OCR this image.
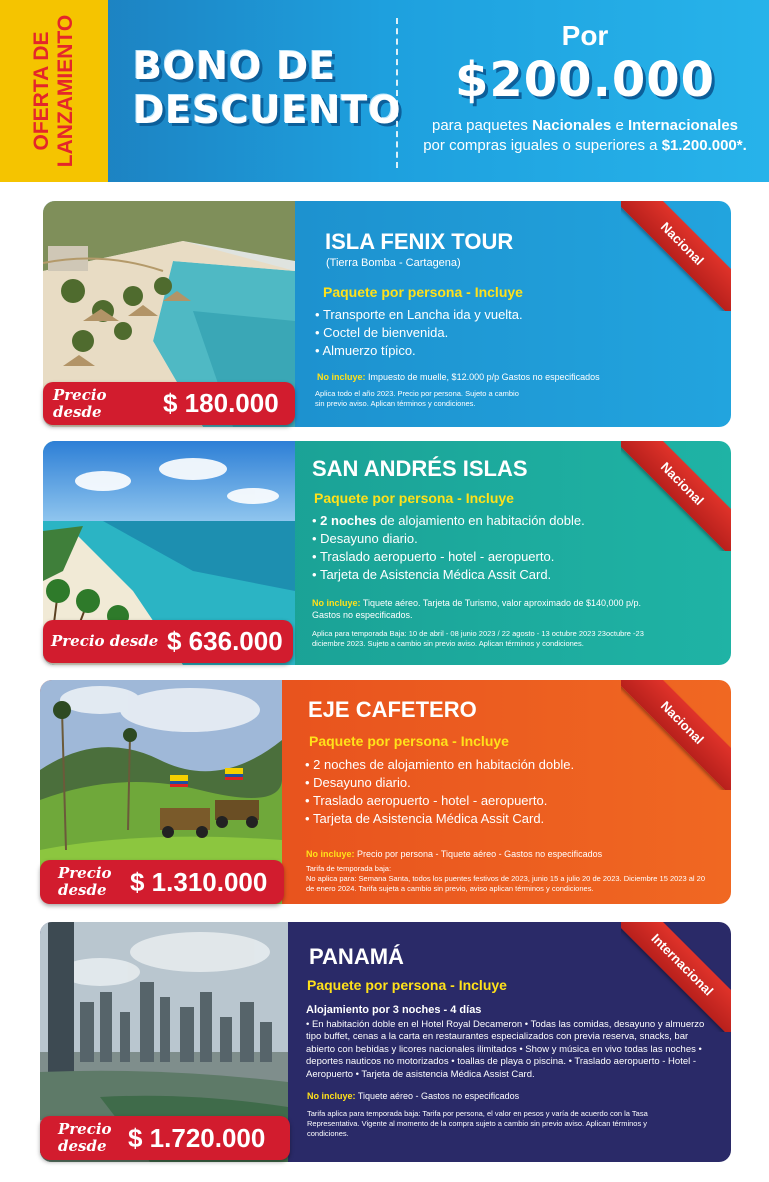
OFERTA DE LANZAMIENTO BONO DE
DESCUENTO
Por
$200.000
para paquetes Nacionales e Internacionales
por compras iguales o superiores a $1.200.000*.
Nacional
ISLA FENIX TOUR
(Tierra Bomba - Cartagena)
Paquete por persona - Incluye
• Transporte en Lancha ida y vuelta.
• Coctel de bienvenida.
• Almuerzo típico.
No incluye: Impuesto de muelle, $12.000 p/p Gastos no especificados
Aplica todo el año 2023. Precio por persona. Sujeto a cambio sin previo aviso. Aplican términos y condiciones.
Precio desde	$ 180.000
Nacional
SAN ANDRÉS ISLAS
Paquete por persona - Incluye
• 2 noches de alojamiento en habitación doble.
• Desayuno diario.
• Traslado aeropuerto - hotel - aeropuerto.
• Tarjeta de Asistencia Médica Assit Card.
No incluye: Tiquete aéreo. Tarjeta de Turismo, valor aproximado de $140,000 p/p. Gastos no especificados.
Aplica para temporada Baja: 10 de abril - 08 junio 2023 / 22 agosto - 13 octubre 2023 23octubre -23 diciembre 2023. Sujeto a cambio sin previo aviso. Aplican términos y condiciones.
Precio desde $ 636.000
Nacional
EJE CAFETERO
Paquete por persona - Incluye
• 2 noches de alojamiento en habitación doble.
• Desayuno diario.
• Traslado aeropuerto - hotel - aeropuerto.
• Tarjeta de Asistencia Médica Assit Card.
No incluye: Precio por persona - Tiquete aéreo - Gastos no especificados
Tarifa de temporada baja:
No aplica para: Semana Santa, todos los puentes festivos de 2023, junio 15 a julio 20 de 2023. Diciembre 15 2023 al 20 de enero 2024. Tarifa sujeta a cambio sin previo, aviso aplican términos y condiciones.
Precio
desde $ 1.310.000
Internacional
PANAMÁ
Paquete por persona - Incluye
Alojamiento por 3 noches - 4 días
• En habitación doble en el Hotel Royal Decameron • Todas las comidas, desayuno y almuerzo tipo buffet, cenas a la carta en restaurantes especializados con previa reserva, snacks, bar abierto con bebidas y licores nacionales ilimitados • Show y música en vivo todas las noches • deportes nauticos no motorizados • toallas de playa o piscina. • Traslado aeropuerto - Hotel - Aeropuerto • Tarjeta de asistencia Médica Assist Card.
No incluye: Tiquete aéreo - Gastos no especificados
Tarifa aplica para temporada baja: Tarifa por persona, el valor en pesos y varía de acuerdo con la Tasa Representativa. Vigente al momento de la compra sujeto a cambio sin previo aviso. Aplican términos y condiciones.
Precio
desde $ 1.720.000
